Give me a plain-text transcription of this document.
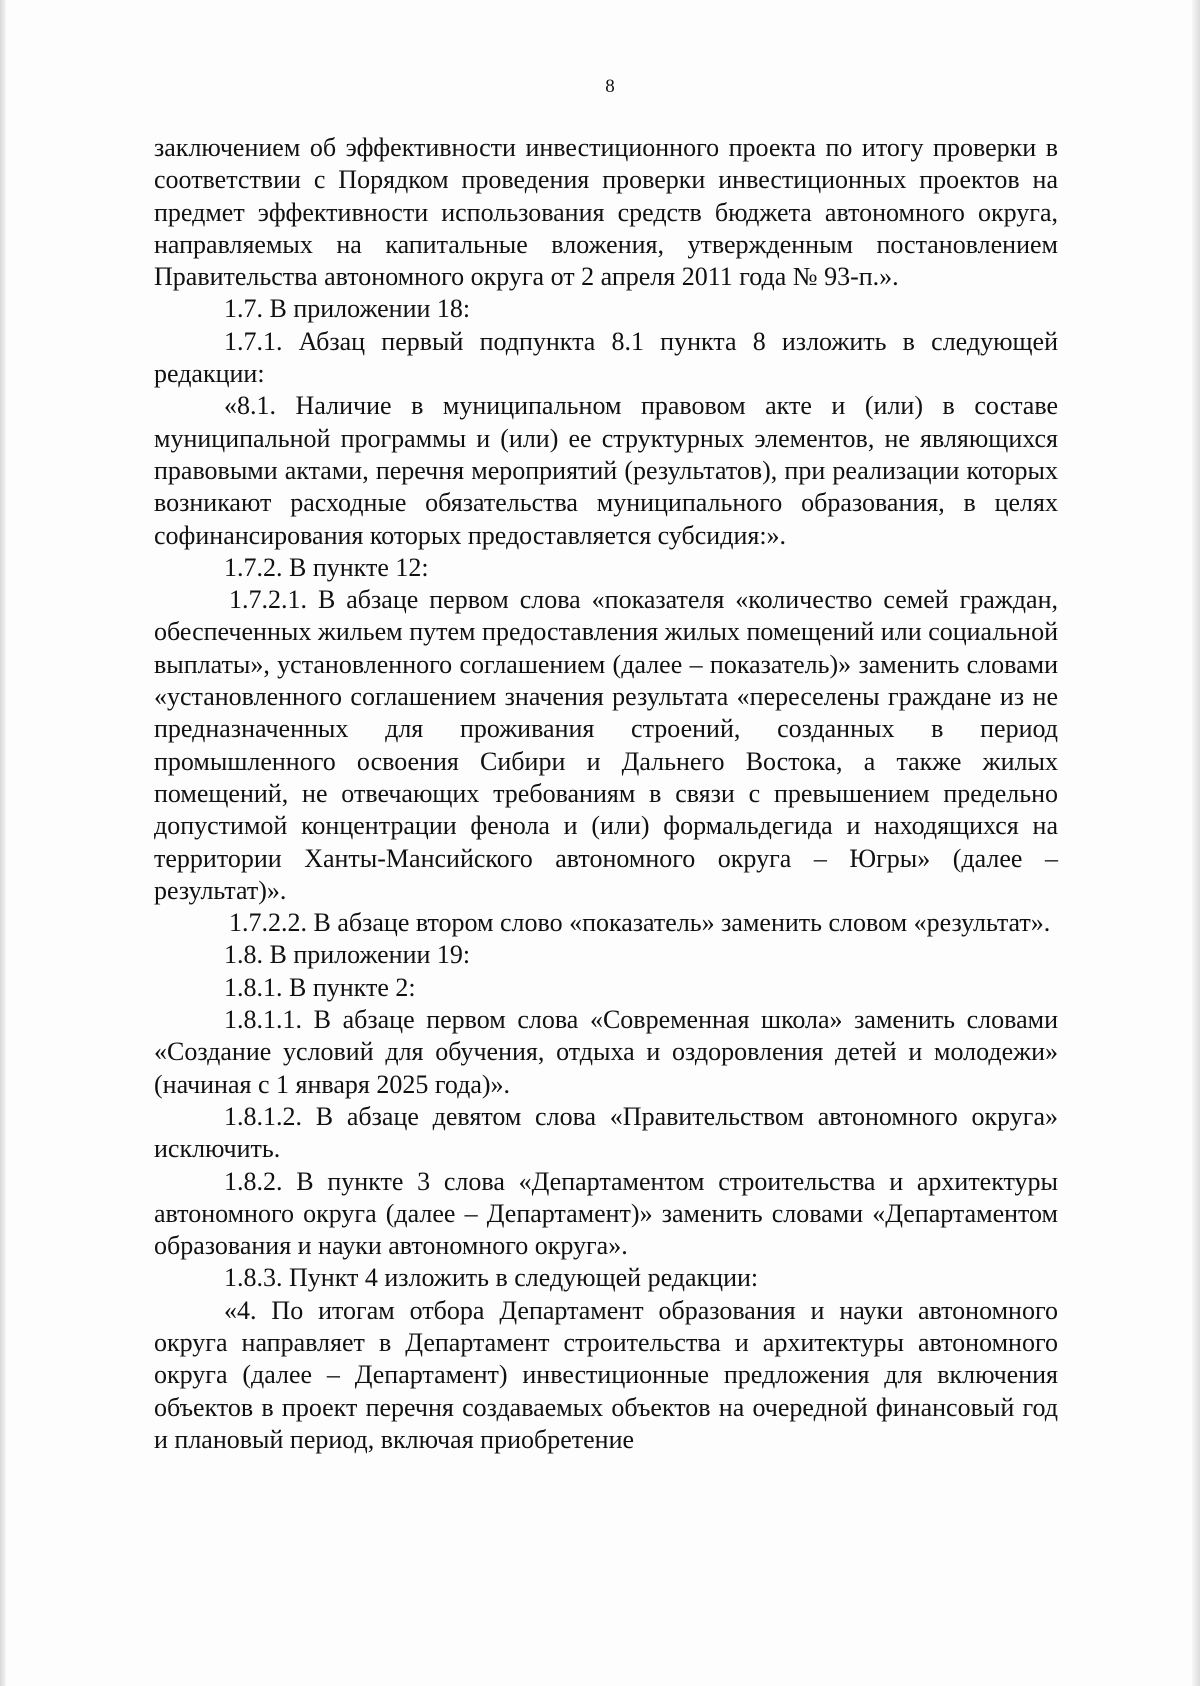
8

заключением об эффективности инвестиционного проекта по итогу проверки в соответствии с Порядком проведения проверки инвестиционных проектов на предмет эффективности использования средств бюджета автономного округа, направляемых на капитальные вложения, утвержденным постановлением Правительства автономного округа от 2 апреля 2011 года № 93-п.».

1.7. В приложении 18:

1.7.1. Абзац первый подпункта 8.1 пункта 8 изложить в следующей редакции:

«8.1. Наличие в муниципальном правовом акте и (или) в составе муниципальной программы и (или) ее структурных элементов, не являющихся правовыми актами, перечня мероприятий (результатов), при реализации которых возникают расходные обязательства муниципального образования, в целях софинансирования которых предоставляется субсидия:».

1.7.2. В пункте 12:

1.7.2.1. В абзаце первом слова «показателя «количество семей граждан, обеспеченных жильем путем предоставления жилых помещений или социальной выплаты», установленного соглашением (далее – показатель)» заменить словами «установленного соглашением значения результата «переселены граждане из не предназначенных для проживания строений, созданных в период промышленного освоения Сибири и Дальнего Востока, а также жилых помещений, не отвечающих требованиям в связи с превышением предельно допустимой концентрации фенола и (или) формальдегида и находящихся на территории Ханты-Мансийского автономного округа – Югры» (далее – результат)».

1.7.2.2. В абзаце втором слово «показатель» заменить словом «результат».

1.8. В приложении 19:

1.8.1. В пункте 2:

1.8.1.1. В абзаце первом слова «Современная школа» заменить словами «Создание условий для обучения, отдыха и оздоровления детей и молодежи» (начиная с 1 января 2025 года)».

1.8.1.2. В абзаце девятом слова «Правительством автономного округа» исключить.

1.8.2. В пункте 3 слова «Департаментом строительства и архитектуры автономного округа (далее – Департамент)» заменить словами «Департаментом образования и науки автономного округа».

1.8.3. Пункт 4 изложить в следующей редакции:

«4. По итогам отбора Департамент образования и науки автономного округа направляет в Департамент строительства и архитектуры автономного округа (далее – Департамент) инвестиционные предложения для включения объектов в проект перечня создаваемых объектов на очередной финансовый год и плановый период, включая приобретение
